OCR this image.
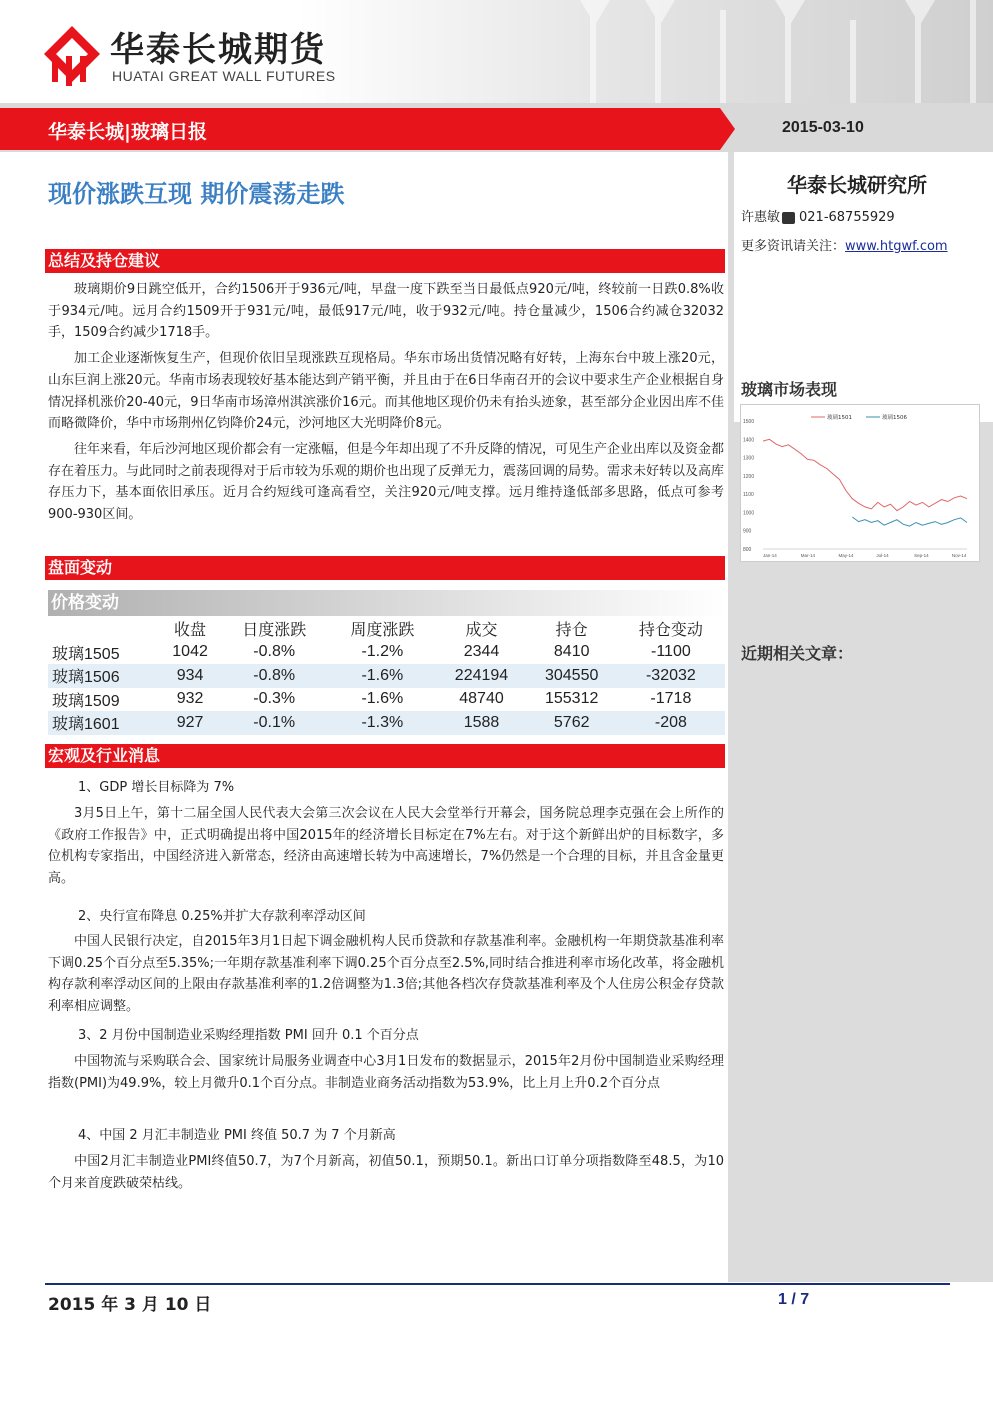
华泰长城期货
HUATAI GREAT WALL FUTURES
华泰长城|玻璃日报	2015-03-10
华泰长城研究所
许惠敏 021-68755929
更多资讯请关注：www.htgwf.com
玻璃市场表现
1500
1400
1300
1200
1100
1000
900
800
Jan-14	Mar-14	May-14	Jul-14	Sep-14	Nov-14
玻璃1501	玻璃1506
近期相关文章：
现价涨跌互现 期价震荡走跌
总结及持仓建议

玻璃期价9日跳空低开，合约1506开于936元/吨，早盘一度下跌至当日最低点920元/吨，终较前一日跌0.8%收于934元/吨。远月合约1509开于931元/吨，最低917元/吨，收于932元/吨。持仓量减少，1506合约减仓32032手，1509合约减少1718手。

加工企业逐渐恢复生产，但现价依旧呈现涨跌互现格局。华东市场出货情况略有好转，上海东台中玻上涨20元，山东巨润上涨20元。华南市场表现较好基本能达到产销平衡，并且由于在6日华南召开的会议中要求生产企业根据自身情况择机涨价20-40元，9日华南市场漳州淇滨涨价16元。而其他地区现价仍未有抬头迹象，甚至部分企业因出库不佳而略微降价，华中市场荆州亿钧降价24元，沙河地区大光明降价8元。

往年来看，年后沙河地区现价都会有一定涨幅，但是今年却出现了不升反降的情况，可见生产企业出库以及资金都存在着压力。与此同时之前表现得对于后市较为乐观的期价也出现了反弹无力，震荡回调的局势。需求未好转以及高库存压力下，基本面依旧承压。近月合约短线可逢高看空，关注920元/吨支撑。远月维持逢低部多思路，低点可参考900-930区间。

盘面变动
价格变动
	收盘	日度涨跌	周度涨跌	成交	持仓	持仓变动
玻璃1505	1042	-0.8%	-1.2%	2344	8410	-1100
玻璃1506	934	-0.8%	-1.6%	224194	304550	-32032
玻璃1509	932	-0.3%	-1.6%	48740	155312	-1718
玻璃1601	927	-0.1%	-1.3%	1588	5762	-208
宏观及行业消息
1、GDP 增长目标降为 7%

3月5日上午，第十二届全国人民代表大会第三次会议在人民大会堂举行开幕会，国务院总理李克强在会上所作的《政府工作报告》中，正式明确提出将中国2015年的经济增长目标定在7%左右。对于这个新鲜出炉的目标数字，多位机构专家指出，中国经济进入新常态，经济由高速增长转为中高速增长，7%仍然是一个合理的目标，并且含金量更高。

2、央行宣布降息 0.25%并扩大存款利率浮动区间

中国人民银行决定，自2015年3月1日起下调金融机构人民币贷款和存款基准利率。金融机构一年期贷款基准利率下调0.25个百分点至5.35%;一年期存款基准利率下调0.25个百分点至2.5%,同时结合推进利率市场化改革，将金融机构存款利率浮动区间的上限由存款基准利率的1.2倍调整为1.3倍;其他各档次存贷款基准利率及个人住房公积金存贷款利率相应调整。

3、2 月份中国制造业采购经理指数 PMI 回升 0.1 个百分点

中国物流与采购联合会、国家统计局服务业调查中心3月1日发布的数据显示，2015年2月份中国制造业采购经理指数(PMI)为49.9%，较上月微升0.1个百分点。非制造业商务活动指数为53.9%，比上月上升0.2个百分点

4、中国 2 月汇丰制造业 PMI 终值 50.7 为 7 个月新高

中国2月汇丰制造业PMI终值50.7，为7个月新高，初值50.1，预期50.1。新出口订单分项指数降至48.5，为10个月来首度跌破荣枯线。

2015 年 3 月 10 日	1 / 7
